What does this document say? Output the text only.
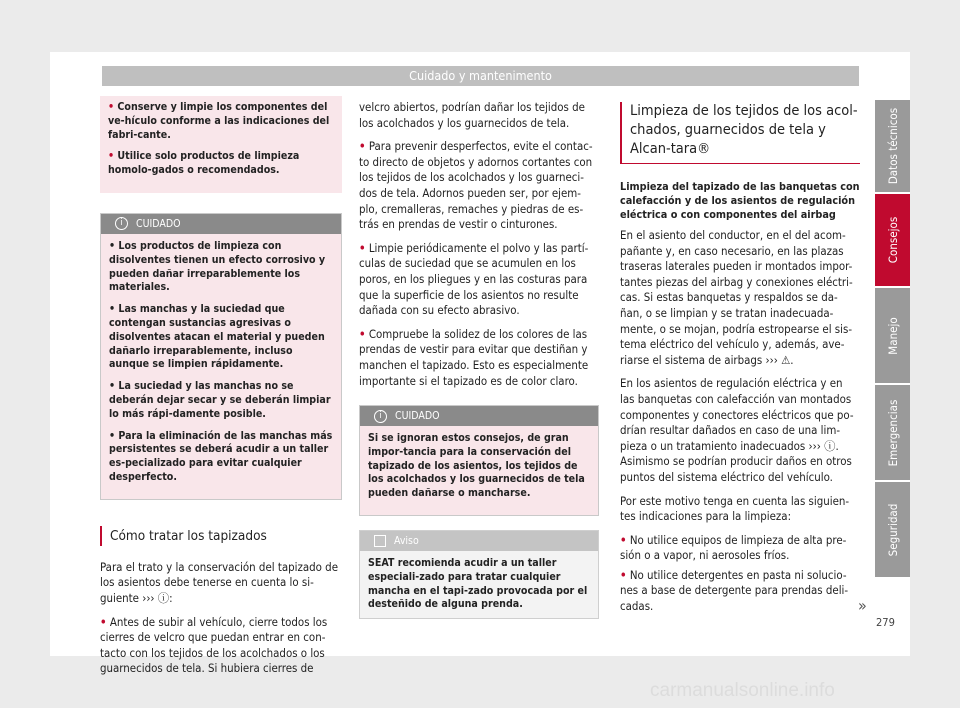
Cuidado y mantenimento

• Conserve y limpie los componentes del ve-hículo conforme a las indicaciones del fabri-cante.

• Utilice solo productos de limpieza homolo-gados o recomendados.

i CUIDADO

• Los productos de limpieza con disolventes tienen un efecto corrosivo y pueden dañar irreparablemente los materiales.

• Las manchas y la suciedad que contengan sustancias agresivas o disolventes atacan el material y pueden dañarlo irreparablemente, incluso aunque se limpien rápidamente.

• La suciedad y las manchas no se deberán dejar secar y se deberán limpiar lo más rápi-damente posible.

• Para la eliminación de las manchas más persistentes se deberá acudir a un taller es-pecializado para evitar cualquier desperfecto.

Cómo tratar los tapizados

Para el trato y la conservación del tapizado de los asientos debe tenerse en cuenta lo si-guiente ››› ⓘ:

• Antes de subir al vehículo, cierre todos los cierres de velcro que puedan entrar en con-tacto con los tejidos de los acolchados o los guarnecidos de tela. Si hubiera cierres de

velcro abiertos, podrían dañar los tejidos de los acolchados y los guarnecidos de tela.

• Para prevenir desperfectos, evite el contac-to directo de objetos y adornos cortantes con los tejidos de los acolchados y los guarneci-dos de tela. Adornos pueden ser, por ejem-plo, cremalleras, remaches y piedras de es-trás en prendas de vestir o cinturones.

• Limpie periódicamente el polvo y las partí-culas de suciedad que se acumulen en los poros, en los pliegues y en las costuras para que la superficie de los asientos no resulte dañada con su efecto abrasivo.

• Compruebe la solidez de los colores de las prendas de vestir para evitar que destiñan y manchen el tapizado. Esto es especialmente importante si el tapizado es de color claro.

i CUIDADO

Si se ignoran estos consejos, de gran impor-tancia para la conservación del tapizado de los asientos, los tejidos de los acolchados y los guarnecidos de tela pueden dañarse o mancharse.

Aviso

SEAT recomienda acudir a un taller especiali-zado para tratar cualquier mancha en el tapi-zado provocada por el desteñido de alguna prenda.

Limpieza de los tejidos de los acol-chados, guarnecidos de tela y Alcan-tara®
Limpieza del tapizado de las banquetas con calefacción y de los asientos de regulación eléctrica o con componentes del airbag

En el asiento del conductor, en el del acom-pañante y, en caso necesario, en las plazas traseras laterales pueden ir montados impor-tantes piezas del airbag y conexiones eléctri-cas. Si estas banquetas y respaldos se da-ñan, o se limpian y se tratan inadecuada-mente, o se mojan, podría estropearse el sis-tema eléctrico del vehículo y, además, ave-riarse el sistema de airbags ››› ⚠.

En los asientos de regulación eléctrica y en las banquetas con calefacción van montados componentes y conectores eléctricos que po-drían resultar dañados en caso de una lim-pieza o un tratamiento inadecuados ››› ⓘ. Asimismo se podrían producir daños en otros puntos del sistema eléctrico del vehículo.

Por este motivo tenga en cuenta las siguien-tes indicaciones para la limpieza:

• No utilice equipos de limpieza de alta pre-sión o a vapor, ni aerosoles fríos.

• No utilice detergentes en pasta ni solucio-nes a base de detergente para prendas deli-cadas.

Datos técnicos
Consejos
Manejo
Emergencias
Seguridad
»
279
carmanualsonline.info
